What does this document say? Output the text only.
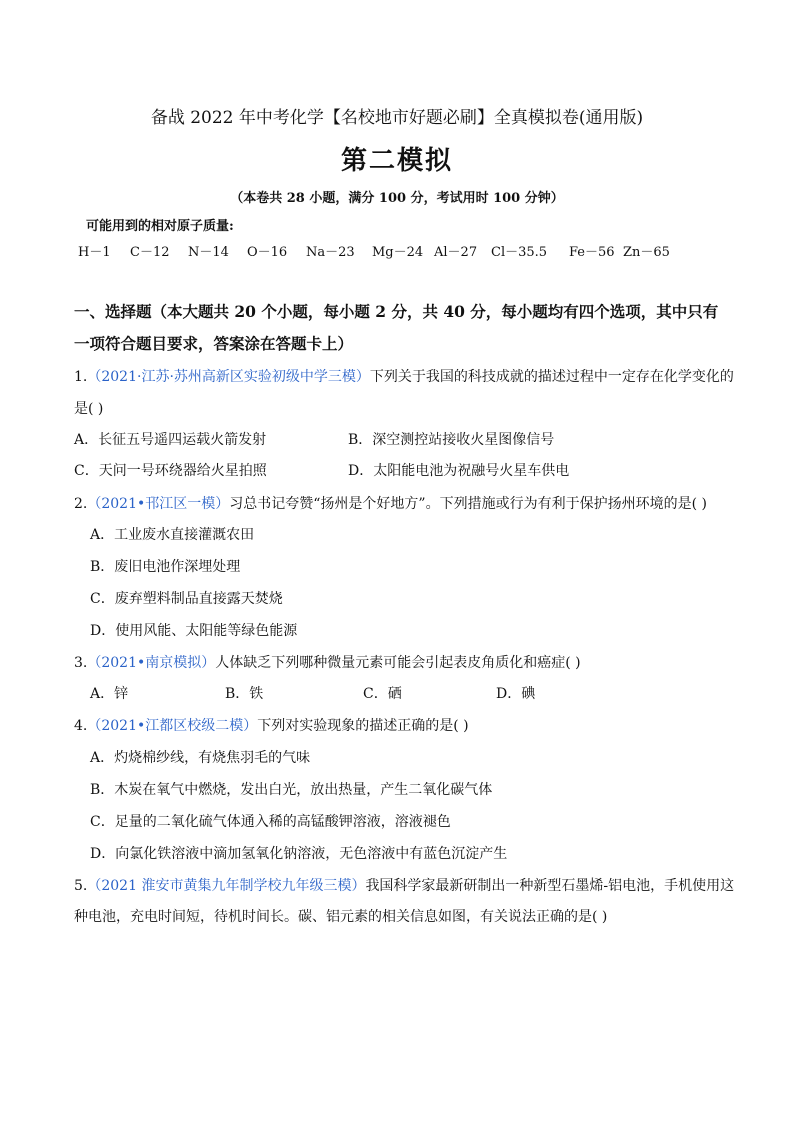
备战 2022 年中考化学【名校地市好题必刷】全真模拟卷(通用版)
第二模拟
（本卷共 28 小题，满分 100 分，考试用时 100 分钟）
可能用到的相对原子质量:
H－1 C－12 N－14 O－16 Na－23 Mg－24 Al－27 Cl－35.5 Fe－56 Zn－65
一、选择题（本大题共 20 个小题，每小题 2 分，共 40 分，每小题均有四个选项，其中只有
一项符合题目要求，答案涂在答题卡上）
1.（2021·江苏·苏州高新区实验初级中学三模）下列关于我国的科技成就的描述过程中一定存在化学变化的
是( )
A．长征五号遥四运载火箭发射	B．深空测控站接收火星图像信号
C．天问一号环绕器给火星拍照	D．太阳能电池为祝融号火星车供电
2.（2021•邗江区一模）习总书记夸赞“扬州是个好地方”。下列措施或行为有利于保护扬州环境的是( )
A．工业废水直接灌溉农田
B．废旧电池作深埋处理
C．废弃塑料制品直接露天焚烧
D．使用风能、太阳能等绿色能源
3.（2021•南京模拟）人体缺乏下列哪种微量元素可能会引起表皮角质化和癌症( )
A．锌	B．铁	C．硒	D．碘
4.（2021•江都区校级二模）下列对实验现象的描述正确的是( )
A．灼烧棉纱线，有烧焦羽毛的气味
B．木炭在氧气中燃烧，发出白光，放出热量，产生二氧化碳气体
C．足量的二氧化硫气体通入稀的高锰酸钾溶液，溶液褪色
D．向氯化铁溶液中滴加氢氧化钠溶液，无色溶液中有蓝色沉淀产生
5.（2021 淮安市黄集九年制学校九年级三模）我国科学家最新研制出一种新型石墨烯-铝电池，手机使用这
种电池，充电时间短，待机时间长。碳、铝元素的相关信息如图，有关说法正确的是( )
